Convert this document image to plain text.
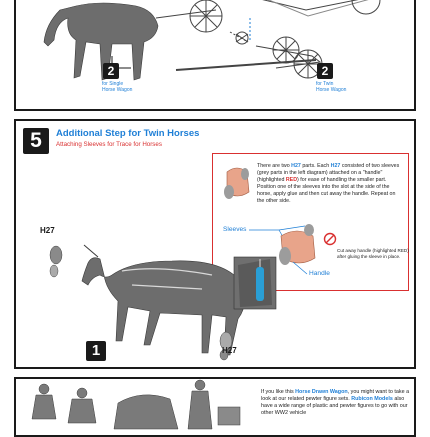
2
for Single
Horse Wagon
2
for Twin
Horse Wagon
5	Additional Step for Twin Horses
Attaching Sleeves for Trace for Horses
There are two H27 parts. Each H27 consisted of two sleeves (grey parts in the left diagram) attached on a "handle" (highlighted RED) for ease of handling the smaller part. Position one of the sleeves into the slot at the side of the horse, apply glue and then cut away the handle. Repeat on the other side.
Sleeves
Handle
Cut away handle (highlighted RED) after gluing the sleeve in place.
H27
1	H27
If you like this Horse Drawn Wagon, you might want to take a look at our related pewter figure sets. Rubicon Models also have a wide range of plastic and pewter figures to go with our other WW2 vehicle
